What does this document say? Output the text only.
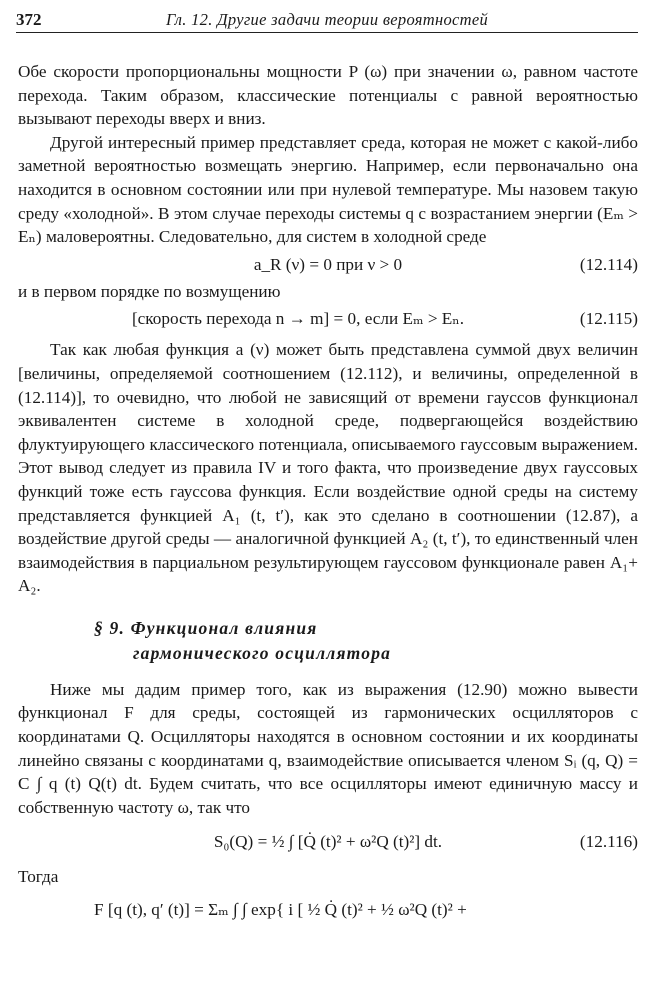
372	Гл. 12. Другие задачи теории вероятностей

Обе скорости пропорциональны мощности P (ω) при значении ω, равном частоте перехода. Таким образом, классические потенциалы с равной вероятностью вызывают переходы вверх и вниз.

Другой интересный пример представляет среда, которая не может с какой-либо заметной вероятностью возмещать энергию. Например, если первоначально она находится в основном состоянии или при нулевой температуре. Мы назовем такую среду «холодной». В этом случае переходы системы q с возрастанием энергии (Eₘ > Eₙ) маловероятны. Следовательно, для систем в холодной среде

a_R (ν) = 0 при ν > 0	(12.114)

и в первом порядке по возмущению

[скорость перехода n → m] = 0, если Eₘ > Eₙ.	(12.115)

Так как любая функция a (ν) может быть представлена суммой двух величин [величины, определяемой соотношением (12.112), и величины, определенной в (12.114)], то очевидно, что любой не зависящий от времени гауссов функционал эквивалентен системе в холодной среде, подвергающейся воздействию флуктуирующего классического потенциала, описываемого гауссовым выражением. Этот вывод следует из правила IV и того факта, что произведение двух гауссовых функций тоже есть гауссова функция. Если воздействие одной среды на систему представляется функцией A₁ (t, t′), как это сделано в соотношении (12.87), а воздействие другой среды — аналогичной функцией A₂ (t, t′), то единственный член взаимодействия в парциальном результирующем гауссовом функционале равен A₁+ A₂.

§ 9. Функционал влияния
гармонического осциллятора

Ниже мы дадим пример того, как из выражения (12.90) можно вывести функционал F для среды, состоящей из гармонических осцилляторов с координатами Q. Осцилляторы находятся в основном состоянии и их координаты линейно связаны с координатами q, взаимодействие описывается членом Sᵢ (q, Q) = C ∫ q (t) Q(t) dt. Будем считать, что все осцилляторы имеют единичную массу и собственную частоту ω, так что

S₀(Q) = ½ ∫ [Q̇ (t)² + ω²Q (t)²] dt.	(12.116)

Тогда

F [q (t), q′ (t)] = Σₘ ∫ ∫ exp{ i [ ½ Q̇ (t)² + ½ ω²Q (t)² +
